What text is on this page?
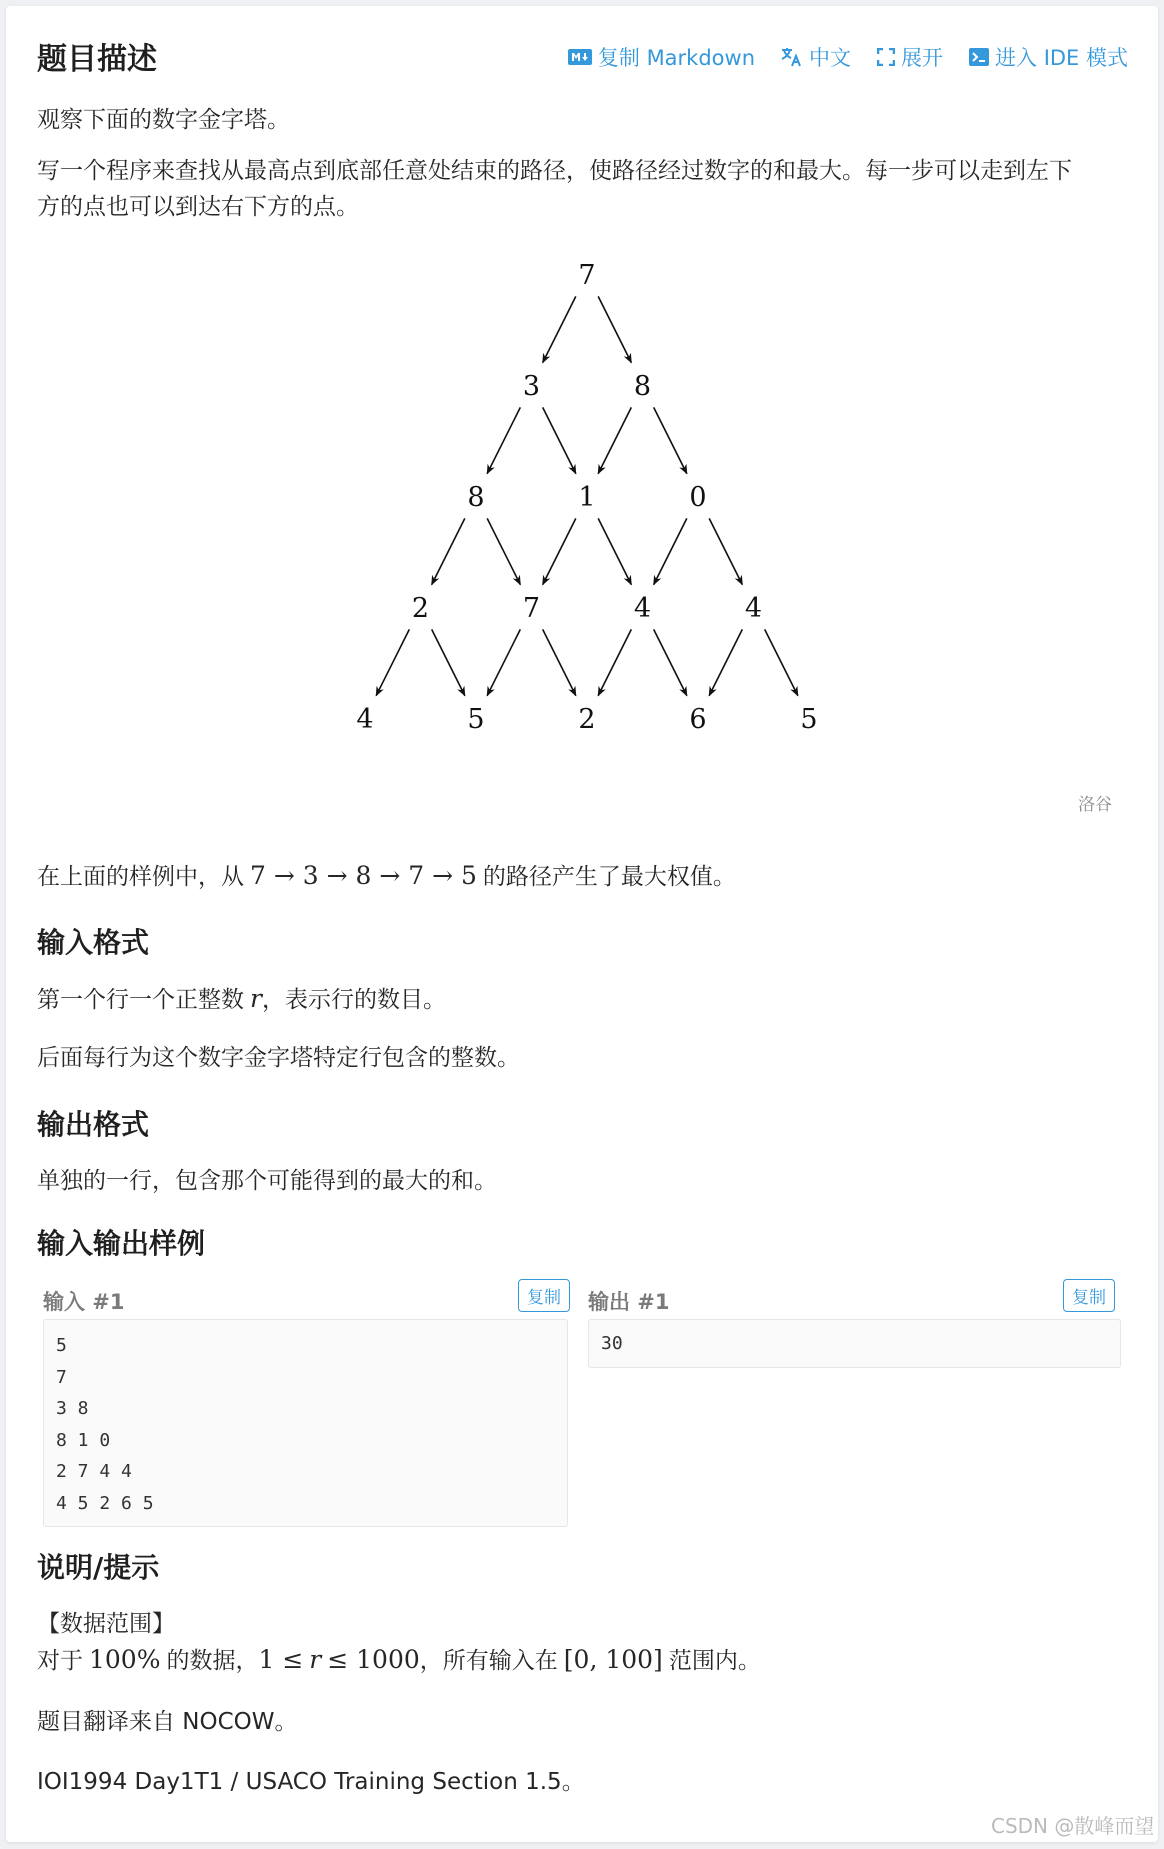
题目描述	复制 Markdown	中文 展开 进入 IDE 模式
观察下面的数字金字塔。
写一个程序来查找从最高点到底部任意处结束的路径，使路径经过数字的和最大。每一步可以走到左下
方的点也可以到达右下方的点。
7
3	8
8	1	0
2	7	4	4
4	5	2	6	5
洛谷
在上面的样例中，从 7 → 3 → 8 → 7 → 5 的路径产生了最大权值。
输入格式
第一个行一个正整数 r ，表示行的数目。
后面每行为这个数字金字塔特定行包含的整数。
输出格式
单独的一行，包含那个可能得到的最大的和。
输入输出样例
输入 #1	复制
5
7
3 8
8 1 0
2 7 4 4
4 5 2 6 5
输出 #1	复制
30
说明/提示
【数据范围】
对于 100% 的数据， 1 ≤ r ≤ 1000 ，所有输入在 [0, 100] 范围内。
题目翻译来自 NOCOW。
IOI1994 Day1T1 / USACO Training Section 1.5。
CSDN @散峰而望
